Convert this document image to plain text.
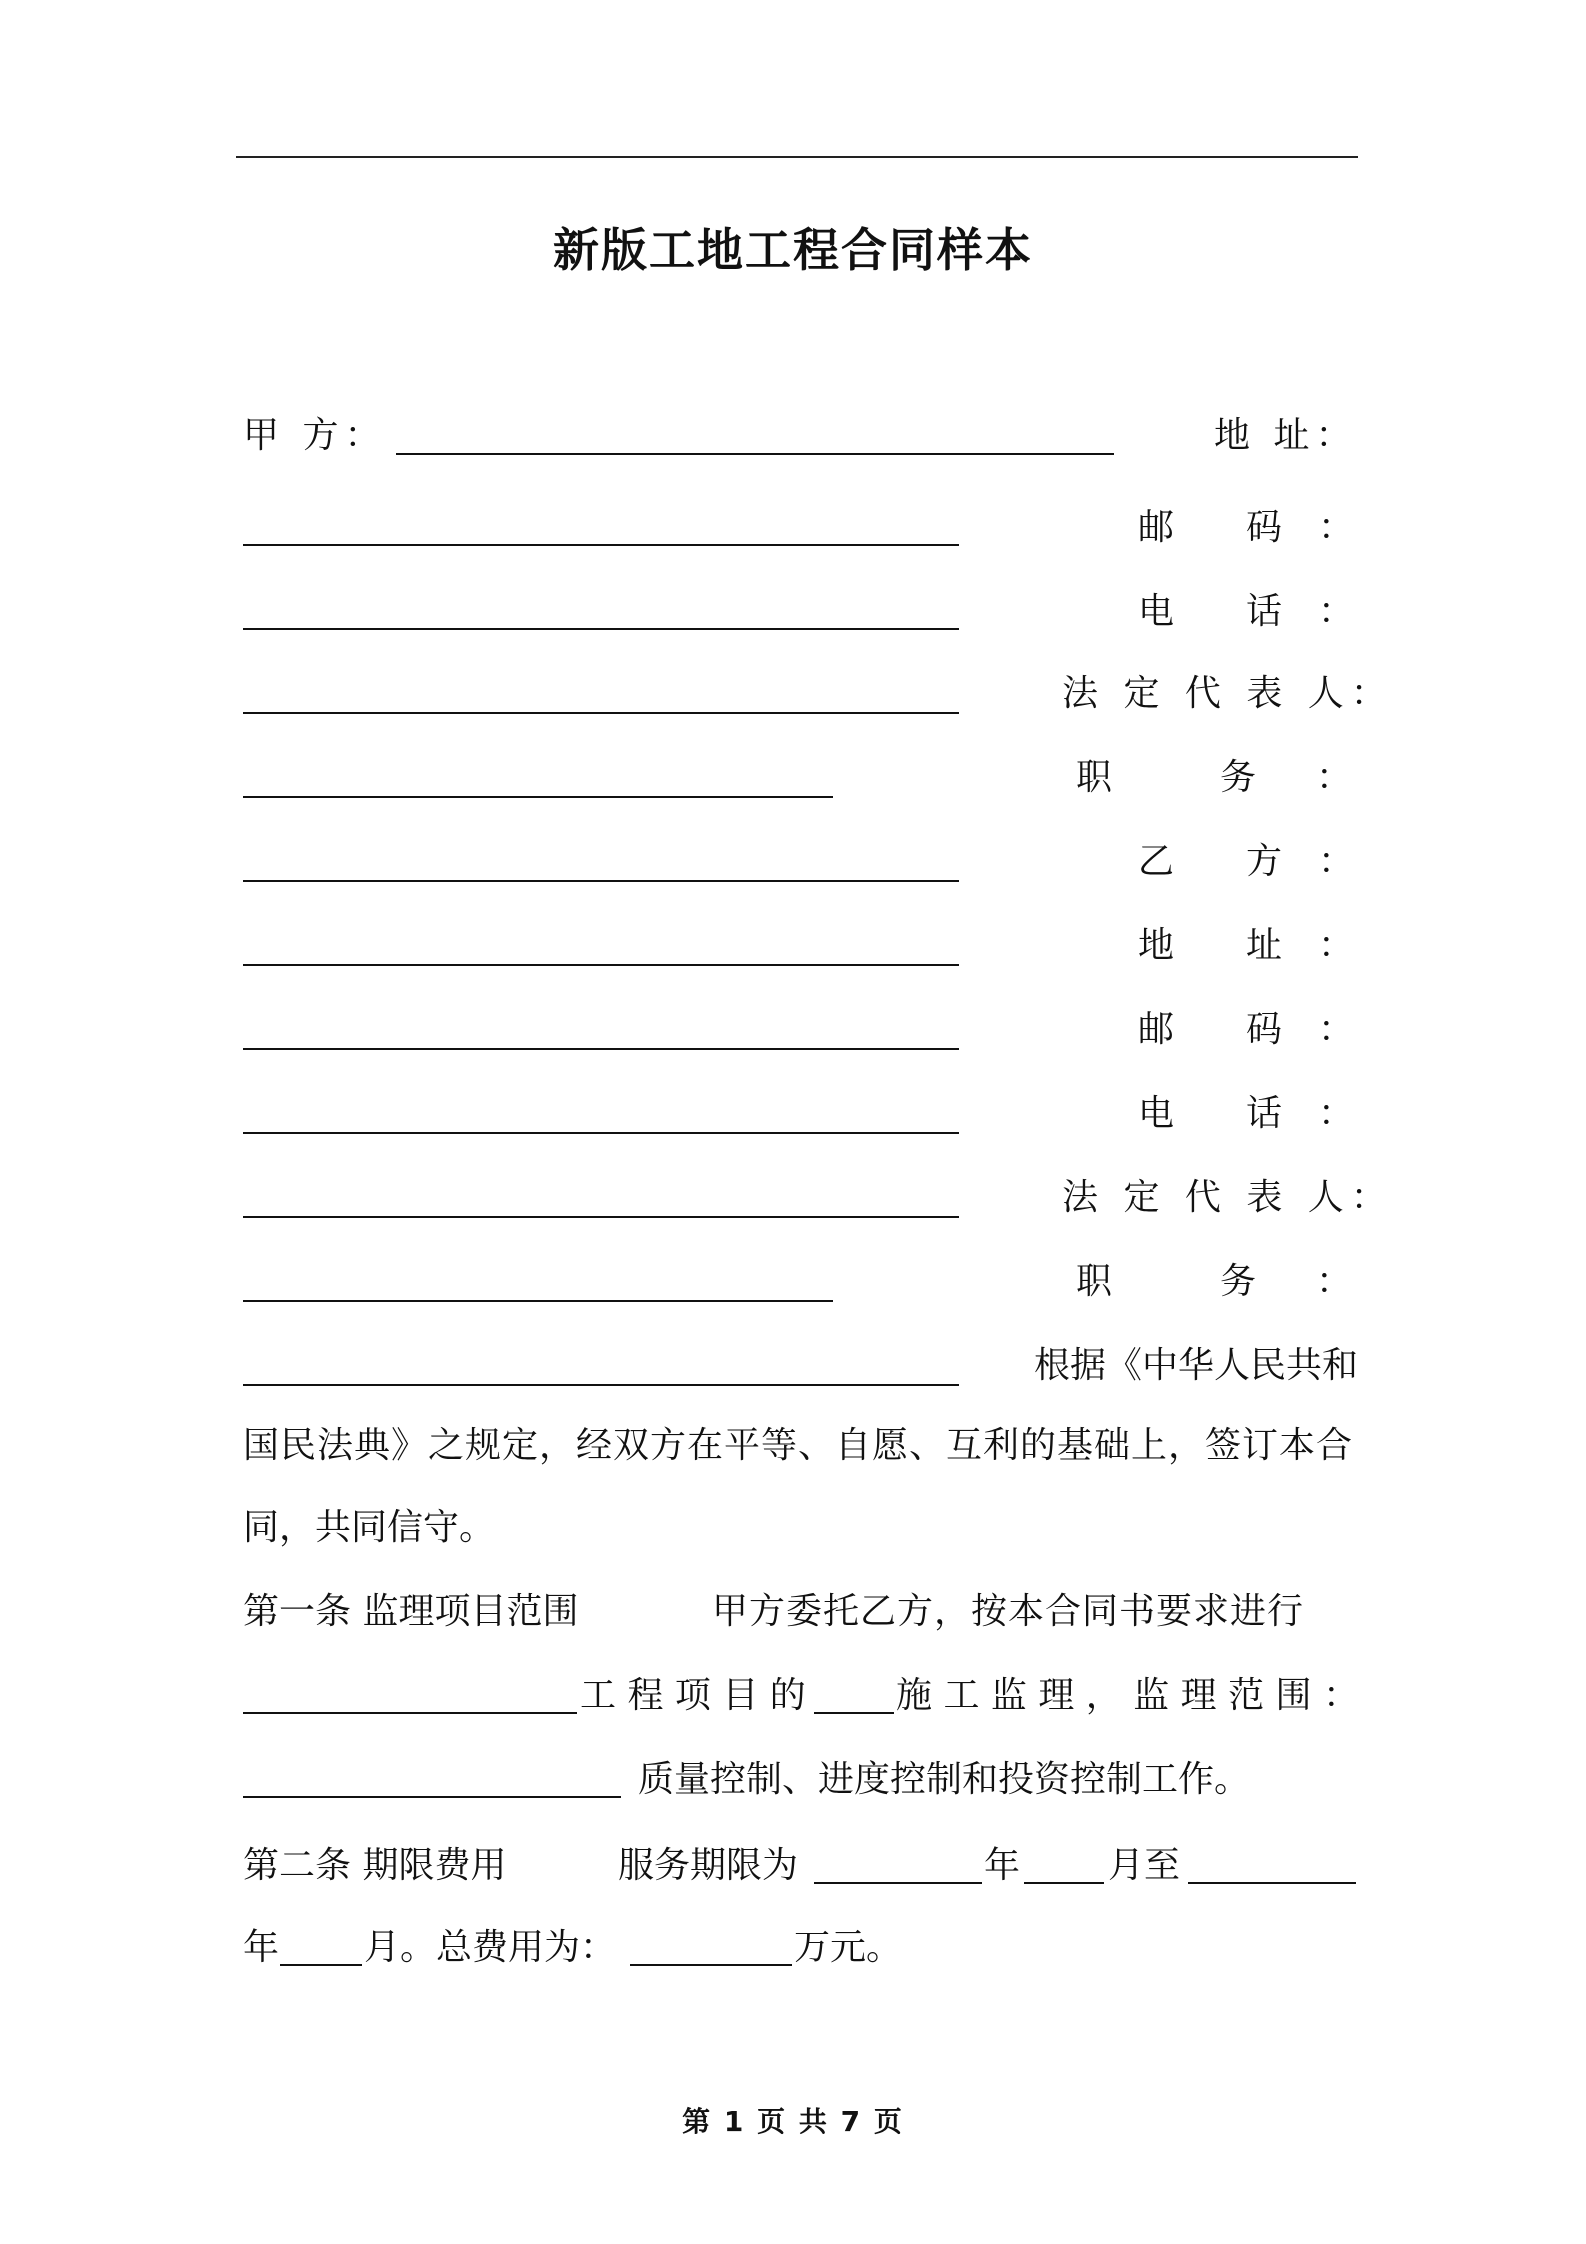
新版工地工程合同样本
甲 方：	地 址：
邮　　码　：
电　　话　：
法 定 代 表 人：
职　　务　：
乙　　方　：
地　　址　：
邮　　码　：
电　　话　：
法 定 代 表 人：
职　　务　：
根据《中华人民共和
国民法典》之规定，经双方在平等、自愿、互利的基础上，签订本合
同，共同信守。
第一条 监理项目范围	甲方委托乙方，按本合同书要求进行
工 程 项 目 的	施 工 监 理 ， 监 理 范 围 ：
质量控制、进度控制和投资控制工作。
第二条 期限费用	服务期限为	年 月至
年 月。总费用为：	万元。
第 1 页 共 7 页
